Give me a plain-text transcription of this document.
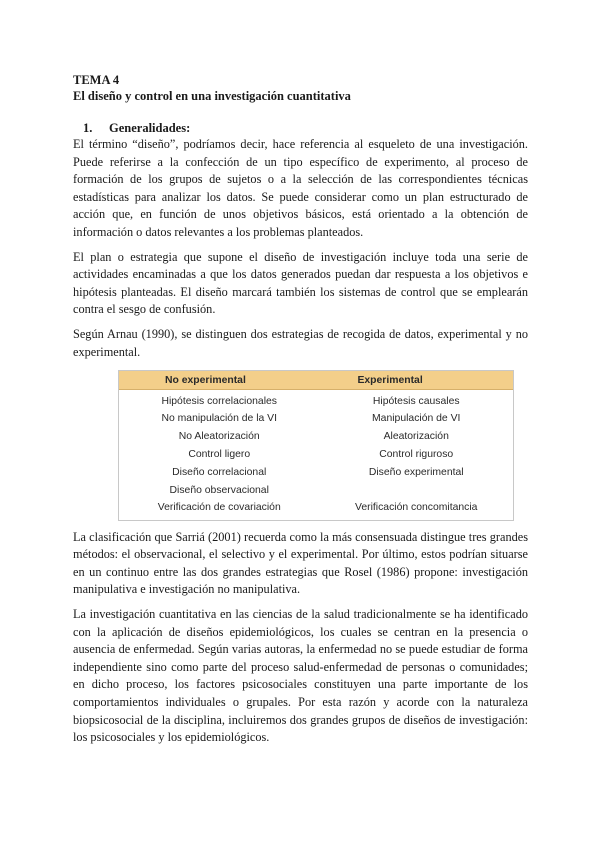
TEMA 4
El diseño y control en una investigación cuantitativa
1. Generalidades:

El término “diseño”, podríamos decir, hace referencia al esqueleto de una investigación. Puede referirse a la confección de un tipo específico de experimento, al proceso de formación de los grupos de sujetos o a la selección de las correspondientes técnicas estadísticas para analizar los datos. Se puede considerar como un plan estructurado de acción que, en función de unos objetivos básicos, está orientado a la obtención de información o datos relevantes a los problemas planteados.

El plan o estrategia que supone el diseño de investigación incluye toda una serie de actividades encaminadas a que los datos generados puedan dar respuesta a los objetivos e hipótesis planteadas. El diseño marcará también los sistemas de control que se emplearán contra el sesgo de confusión.

Según Arnau (1990), se distinguen dos estrategias de recogida de datos, experimental y no experimental.

No experimental	Experimental
Hipótesis correlacionales	Hipótesis causales
No manipulación de la VI	Manipulación de VI
No Aleatorización	Aleatorización
Control ligero	Control riguroso
Diseño correlacional	Diseño experimental
Diseño observacional	
Verificación de covariación	Verificación concomitancia

La clasificación que Sarriá (2001) recuerda como la más consensuada distingue tres grandes métodos: el observacional, el selectivo y el experimental. Por último, estos podrían situarse en un continuo entre las dos grandes estrategias que Rosel (1986) propone: investigación manipulativa e investigación no manipulativa.

La investigación cuantitativa en las ciencias de la salud tradicionalmente se ha identificado con la aplicación de diseños epidemiológicos, los cuales se centran en la presencia o ausencia de enfermedad. Según varias autoras, la enfermedad no se puede estudiar de forma independiente sino como parte del proceso salud-enfermedad de personas o comunidades; en dicho proceso, los factores psicosociales constituyen una parte importante de los comportamientos individuales o grupales. Por esta razón y acorde con la naturaleza biopsicosocial de la disciplina, incluiremos dos grandes grupos de diseños de investigación: los psicosociales y los epidemiológicos.
